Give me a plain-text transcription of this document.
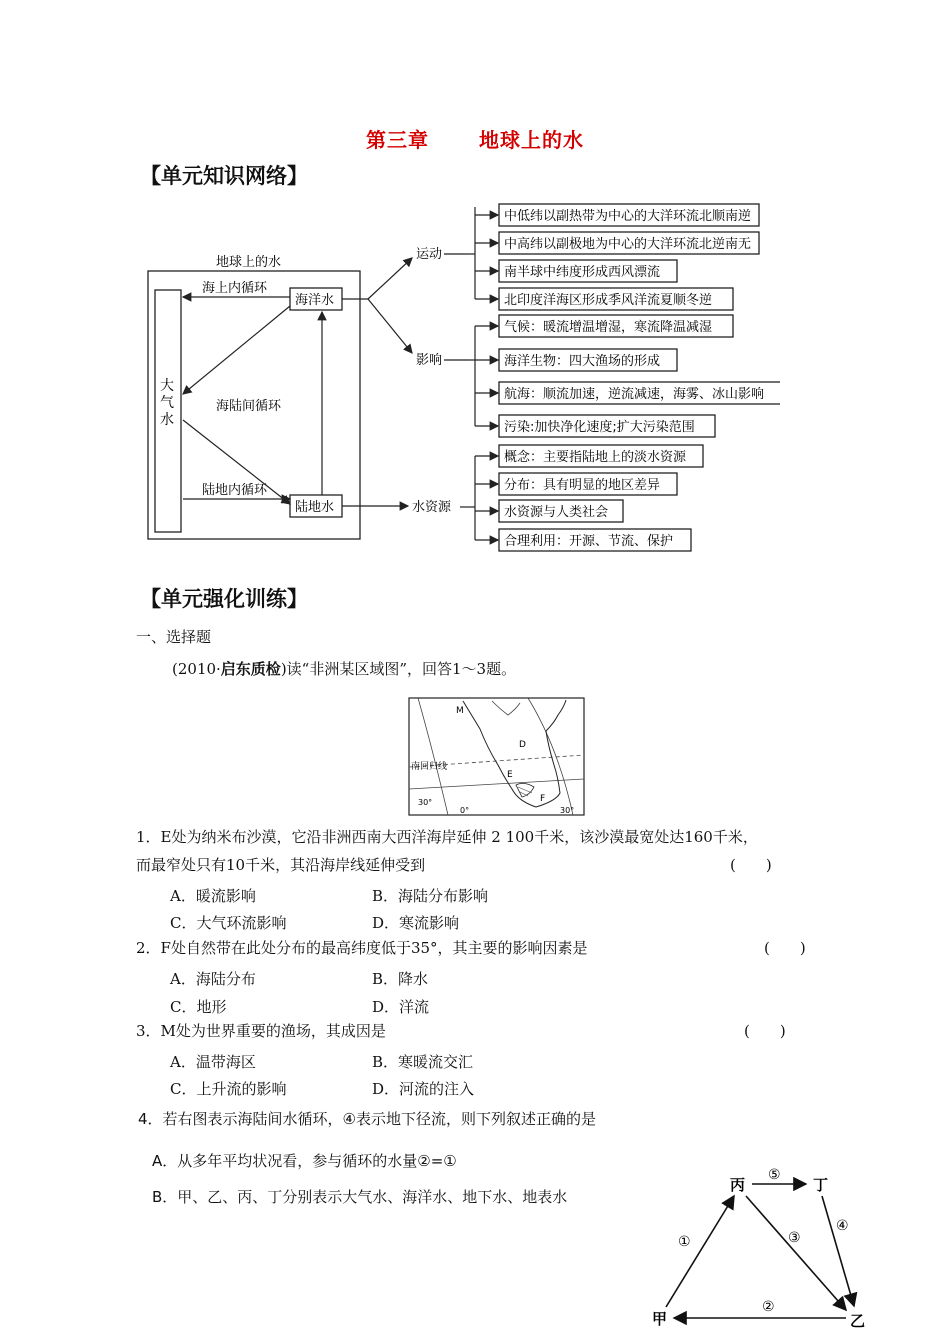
第三章	地球上的水
【单元知识网络】
地球上的水
大
气
水
海洋水
陆地水
海上内循环
海陆间循环
陆地内循环
运动
影响
水资源
中低纬以副热带为中心的大洋环流北顺南逆
中高纬以副极地为中心的大洋环流北逆南无
南半球中纬度形成西风漂流
北印度洋海区形成季风洋流夏顺冬逆
气候：暖流增温增湿，寒流降温减湿
海洋生物：四大渔场的形成
航海：顺流加速，逆流减速，海雾、冰山影响
污染:加快净化速度;扩大污染范围
概念：主要指陆地上的淡水资源
分布：具有明显的地区差异
水资源与人类社会
合理利用：开源、节流、保护
【单元强化训练】
一、选择题
(2010·启东质检)读“非洲某区域图”，回答1～3题。
南回归线
M
D
E
F
30°
0°	30°
1．E处为纳米布沙漠，它沿非洲西南大西洋海岸延伸 2 100千米，该沙漠最宽处达160千米，
而最窄处只有10千米，其沿海岸线延伸受到	(　　)
A．暖流影响	B．海陆分布影响
C．大气环流影响	D．寒流影响
2．F处自然带在此处分布的最高纬度低于35°，其主要的影响因素是	(　　)
A．海陆分布	B．降水
C．地形	D．洋流
3．M处为世界重要的渔场，其成因是	(　　)
A．温带海区	B．寒暖流交汇
C．上升流的影响	D．河流的注入
4．若右图表示海陆间水循环，④表示地下径流，则下列叙述正确的是
A．从多年平均状况看，参与循环的水量②=①
B．甲、乙、丙、丁分别表示大气水、海洋水、地下水、地表水
丙	丁
甲	乙
⑤
①	③
④
②
